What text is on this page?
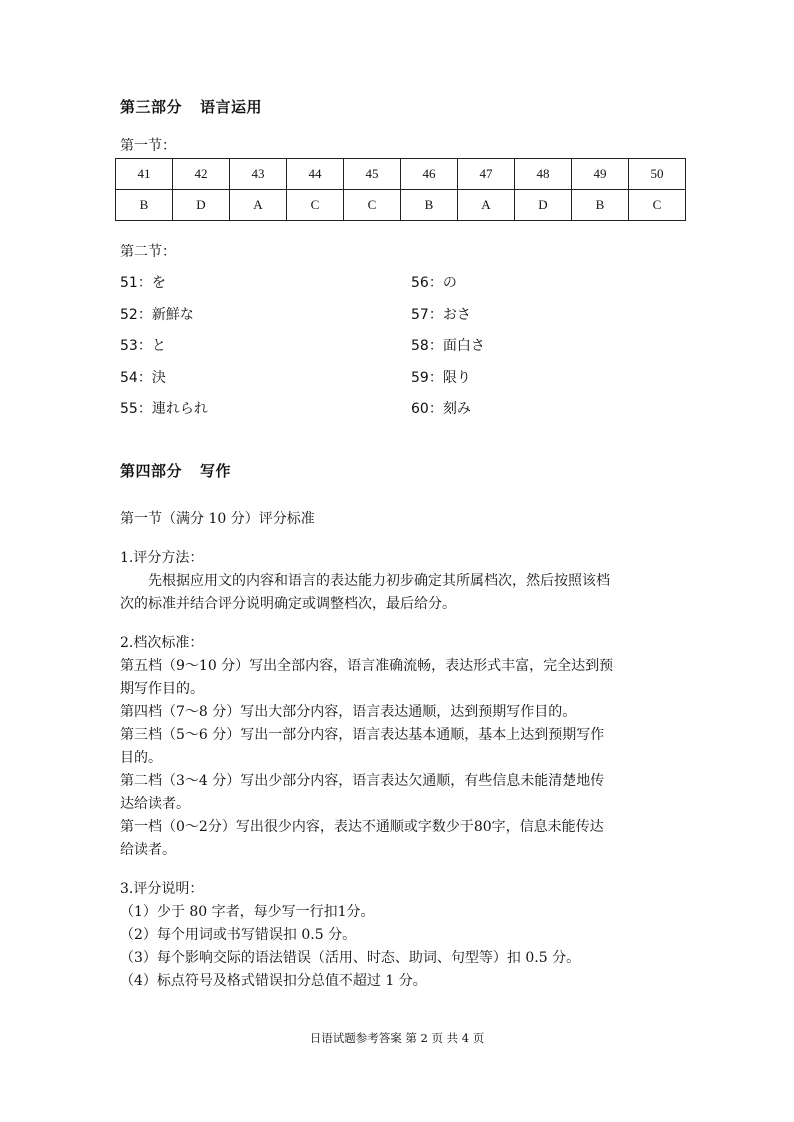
第三部分 语言运用
第一节：
41	42	43	44	45	46	47	48	49	50
B	D	A	C	C	B	A	D	B	C
第二节：
51：を
52：新鮮な
53：と
54：決
55：連れられ
56：の
57：おさ
58：面白さ
59：限り
60：刻み
第四部分 写作
第一节（满分 10 分）评分标准
1.评分方法：
先根据应用文的内容和语言的表达能力初步确定其所属档次，然后按照该档
次的标准并结合评分说明确定或调整档次，最后给分。
2.档次标准：
第五档（9～10 分）写出全部内容，语言准确流畅，表达形式丰富，完全达到预
期写作目的。
第四档（7～8 分）写出大部分内容，语言表达通顺，达到预期写作目的。
第三档（5～6 分）写出一部分内容，语言表达基本通顺，基本上达到预期写作
目的。
第二档（3～4 分）写出少部分内容，语言表达欠通顺，有些信息未能清楚地传
达给读者。
第一档（0～2分）写出很少内容，表达不通顺或字数少于80字，信息未能传达
给读者。
3.评分说明：
（1）少于 80 字者，每少写一行扣1分。
（2）每个用词或书写错误扣 0.5 分。
（3）每个影响交际的语法错误（活用、时态、助词、句型等）扣 0.5 分。
（4）标点符号及格式错误扣分总值不超过 1 分。
日语试题参考答案 第 2 页 共 4 页
